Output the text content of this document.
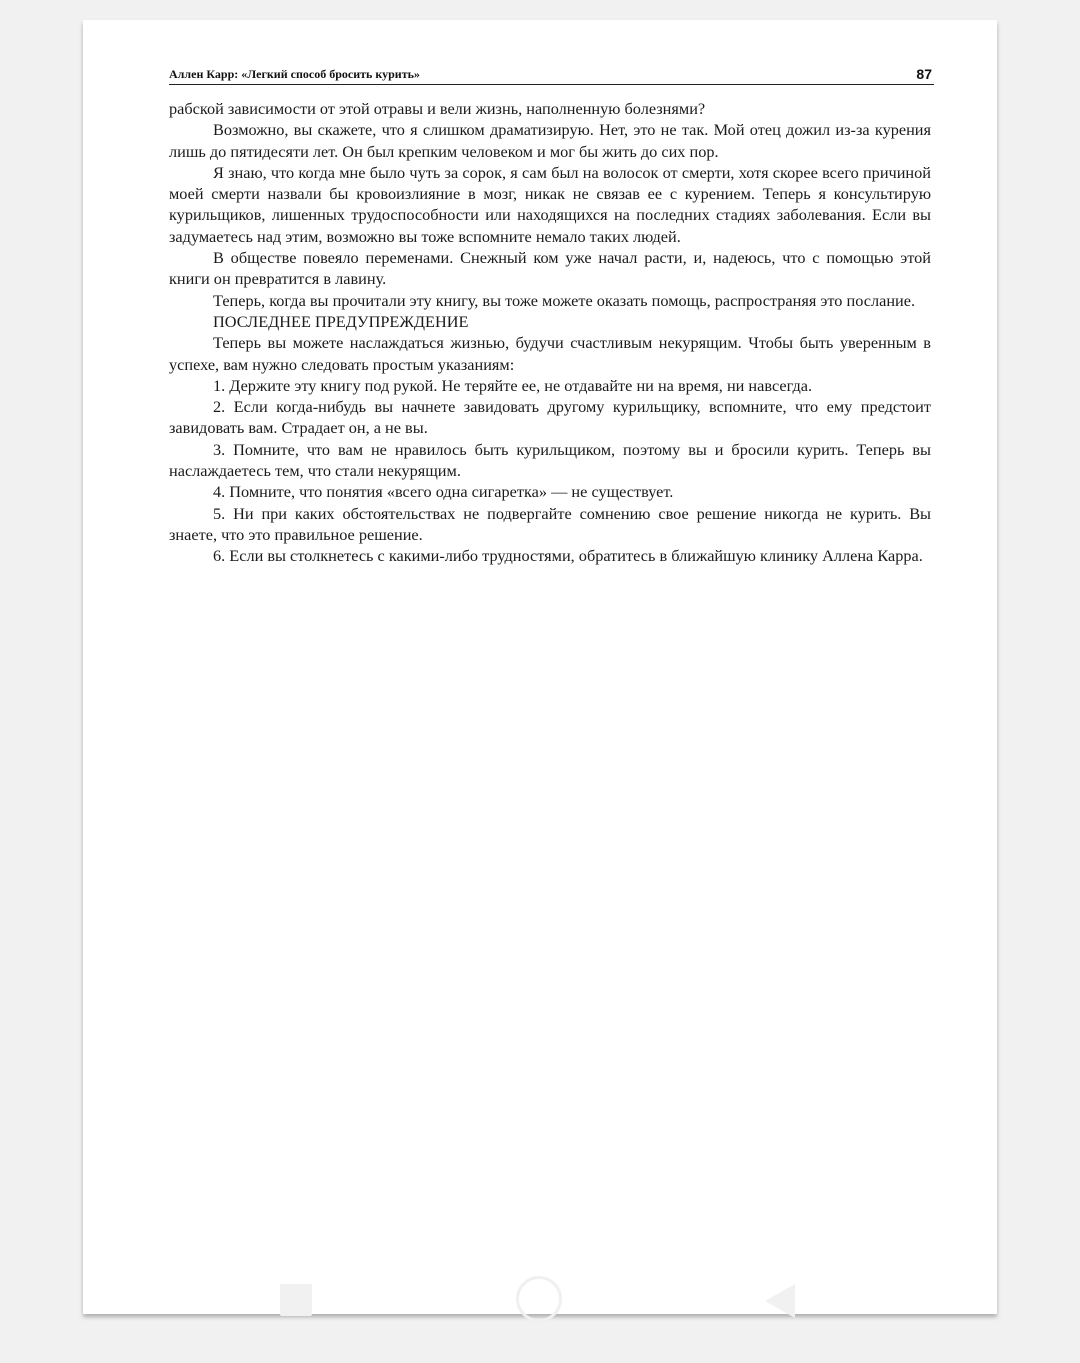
Аллен Карр: «Легкий способ бросить курить»	87

рабской зависимости от этой отравы и вели жизнь, наполненную болезнями?

Возможно, вы скажете, что я слишком драматизирую. Нет, это не так. Мой отец дожил из-за курения лишь до пятидесяти лет. Он был крепким человеком и мог бы жить до сих пор.

Я знаю, что когда мне было чуть за сорок, я сам был на волосок от смерти, хотя скорее всего причиной моей смерти назвали бы кровоизлияние в мозг, никак не связав ее с курением. Теперь я консультирую курильщиков, лишенных трудоспособности или находящихся на последних стадиях заболевания. Если вы задумаетесь над этим, возможно вы тоже вспомните немало таких людей.

В обществе повеяло переменами. Снежный ком уже начал расти, и, надеюсь, что с помощью этой книги он превратится в лавину.

Теперь, когда вы прочитали эту книгу, вы тоже можете оказать помощь, распространяя это послание.

ПОСЛЕДНЕЕ ПРЕДУПРЕЖДЕНИЕ

Теперь вы можете наслаждаться жизнью, будучи счастливым некурящим. Чтобы быть уверенным в успехе, вам нужно следовать простым указаниям:

1. Держите эту книгу под рукой. Не теряйте ее, не отдавайте ни на время, ни навсегда.

2. Если когда-нибудь вы начнете завидовать другому курильщику, вспомните, что ему предстоит завидовать вам. Страдает он, а не вы.

3. Помните, что вам не нравилось быть курильщиком, поэтому вы и бросили курить. Теперь вы наслаждаетесь тем, что стали некурящим.

4. Помните, что понятия «всего одна сигаретка» — не существует.

5. Ни при каких обстоятельствах не подвергайте сомнению свое решение никогда не курить. Вы знаете, что это правильное решение.

6. Если вы столкнетесь с какими-либо трудностями, обратитесь в ближайшую клинику Аллена Карра.
